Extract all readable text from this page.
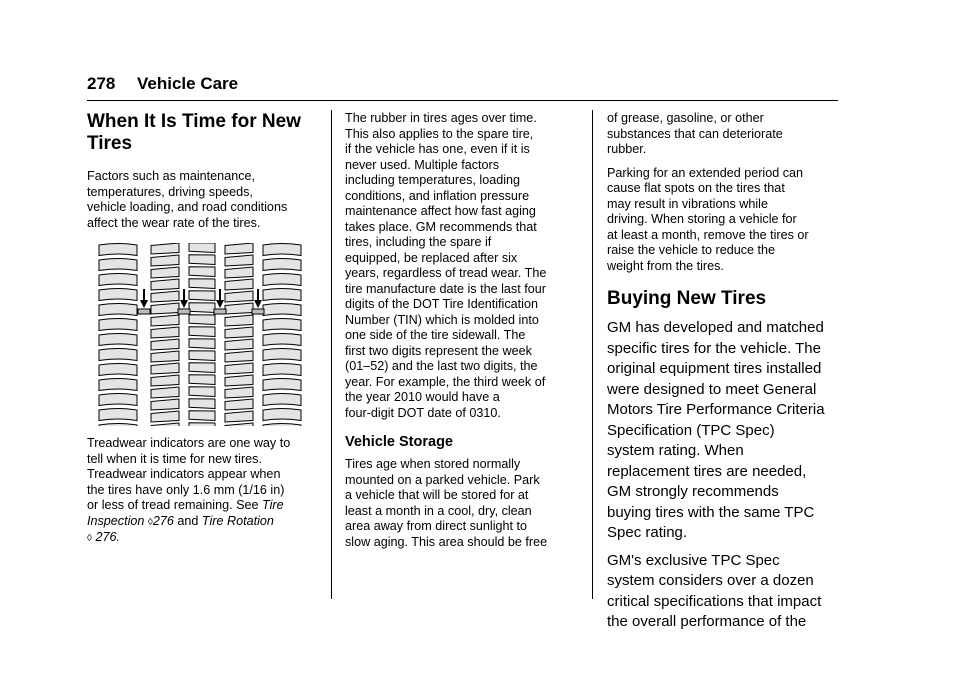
278 Vehicle Care

When It Is Time for New
Tires

Factors such as maintenance,
temperatures, driving speeds,
vehicle loading, and road conditions
affect the wear rate of the tires.

Treadwear indicators are one way to
tell when it is time for new tires.
Treadwear indicators appear when
the tires have only 1.6 mm (1/16 in)
or less of tread remaining. See Tire
Inspection ◊276 and Tire Rotation
◊ 276.

The rubber in tires ages over time.
This also applies to the spare tire,
if the vehicle has one, even if it is
never used. Multiple factors
including temperatures, loading
conditions, and inflation pressure
maintenance affect how fast aging
takes place. GM recommends that
tires, including the spare if
equipped, be replaced after six
years, regardless of tread wear. The
tire manufacture date is the last four
digits of the DOT Tire Identification
Number (TIN) which is molded into
one side of the tire sidewall. The
first two digits represent the week
(01–52) and the last two digits, the
year. For example, the third week of
the year 2010 would have a
four-digit DOT date of 0310.

Vehicle Storage

Tires age when stored normally
mounted on a parked vehicle. Park
a vehicle that will be stored for at
least a month in a cool, dry, clean
area away from direct sunlight to
slow aging. This area should be free

of grease, gasoline, or other
substances that can deteriorate
rubber.

Parking for an extended period can
cause flat spots on the tires that
may result in vibrations while
driving. When storing a vehicle for
at least a month, remove the tires or
raise the vehicle to reduce the
weight from the tires.

Buying New Tires

GM has developed and matched
specific tires for the vehicle. The
original equipment tires installed
were designed to meet General
Motors Tire Performance Criteria
Specification (TPC Spec)
system rating. When
replacement tires are needed,
GM strongly recommends
buying tires with the same TPC
Spec rating.

GM's exclusive TPC Spec
system considers over a dozen
critical specifications that impact
the overall performance of the
